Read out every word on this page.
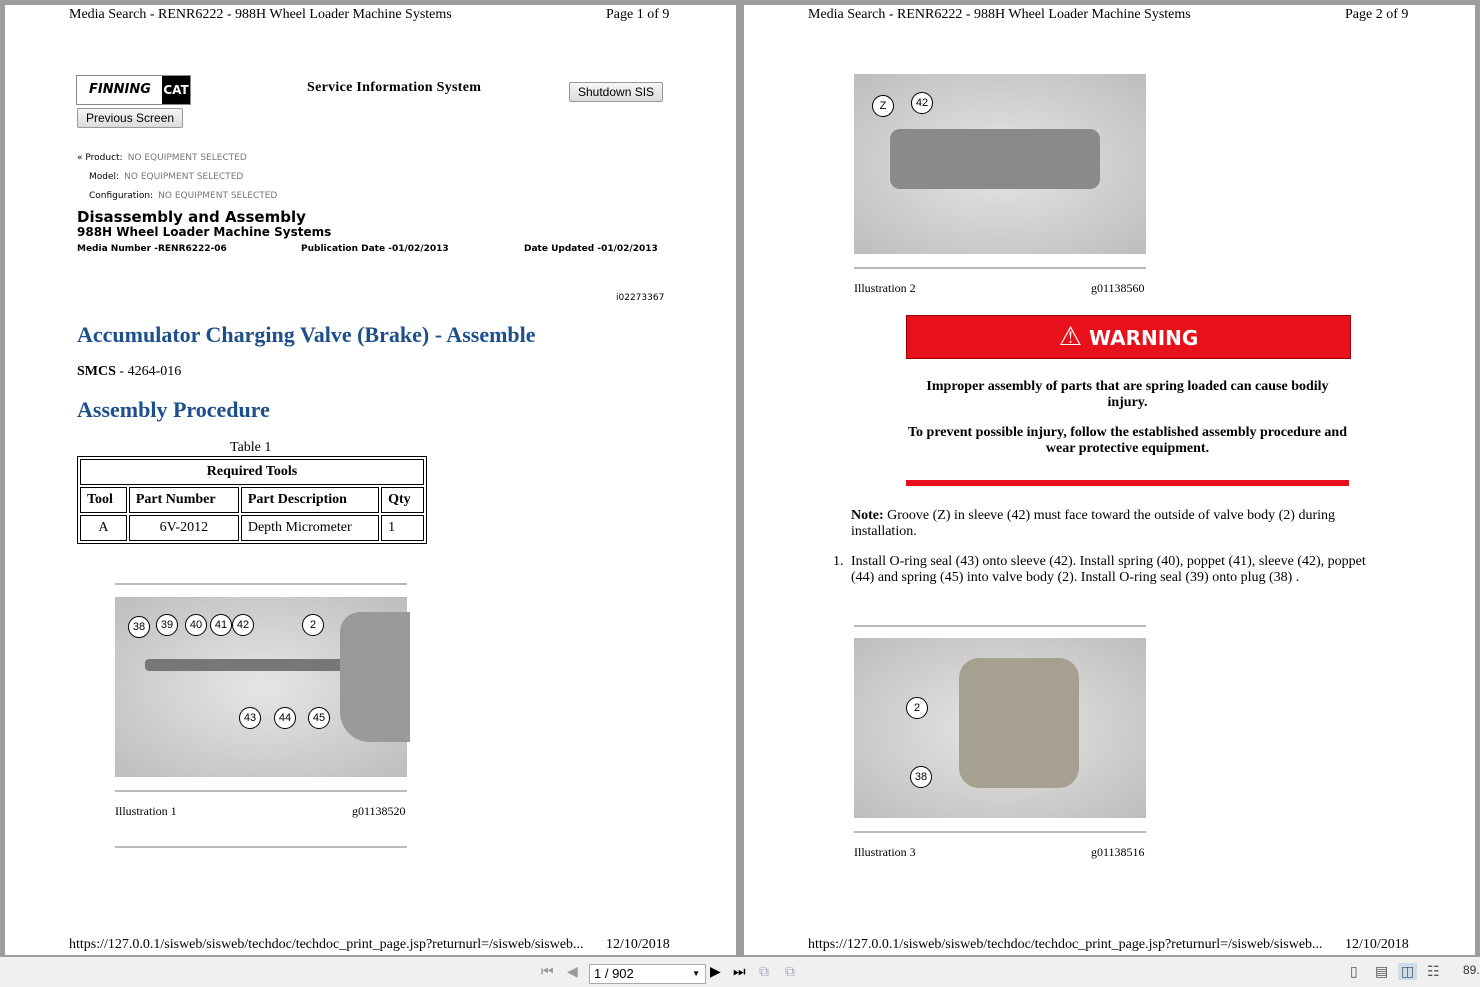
Media Search - RENR6222 - 988H Wheel Loader Machine Systems	Page 1 of 9
FINNING CAT	Service Information System	Shutdown SIS
Previous Screen
« Product: NO EQUIPMENT SELECTED
Model: NO EQUIPMENT SELECTED
Configuration: NO EQUIPMENT SELECTED
Disassembly and Assembly
988H Wheel Loader Machine Systems
Media Number -RENR6222-06	Publication Date -01/02/2013	Date Updated -01/02/2013
i02273367
Accumulator Charging Valve (Brake) - Assemble
SMCS - 4264-016
Assembly Procedure
Table 1
Required Tools			
Tool	Part Number	Part Description	Qty
A	6V-2012	Depth Micrometer	1
38	39	40	41 42	2
43	44	45
Illustration 1	g01138520
https://127.0.0.1/sisweb/sisweb/techdoc/techdoc_print_page.jsp?returnurl=/sisweb/sisweb... 12/10/2018
Media Search - RENR6222 - 988H Wheel Loader Machine Systems	Page 2 of 9
Z	42
Illustration 2	g01138560
⚠ WARNING
Improper assembly of parts that are spring loaded can cause bodily injury.
To prevent possible injury, follow the established assembly procedure and wear protective equipment.
Note: Groove (Z) in sleeve (42) must face toward the outside of valve body (2) during installation.
1. Install O-ring seal (43) onto sleeve (42). Install spring (40), poppet (41), sleeve (42), poppet (44) and spring (45) into valve body (2). Install O-ring seal (39) onto plug (38) .
2
38
Illustration 3	g01138516
https://127.0.0.1/sisweb/sisweb/techdoc/techdoc_print_page.jsp?returnurl=/sisweb/sisweb... 12/10/2018
⏮ ◀	1 / 902	▼ ▶ ⏭ ⧉ ⧉	▯ ▤ ◫ ☷ 89.
